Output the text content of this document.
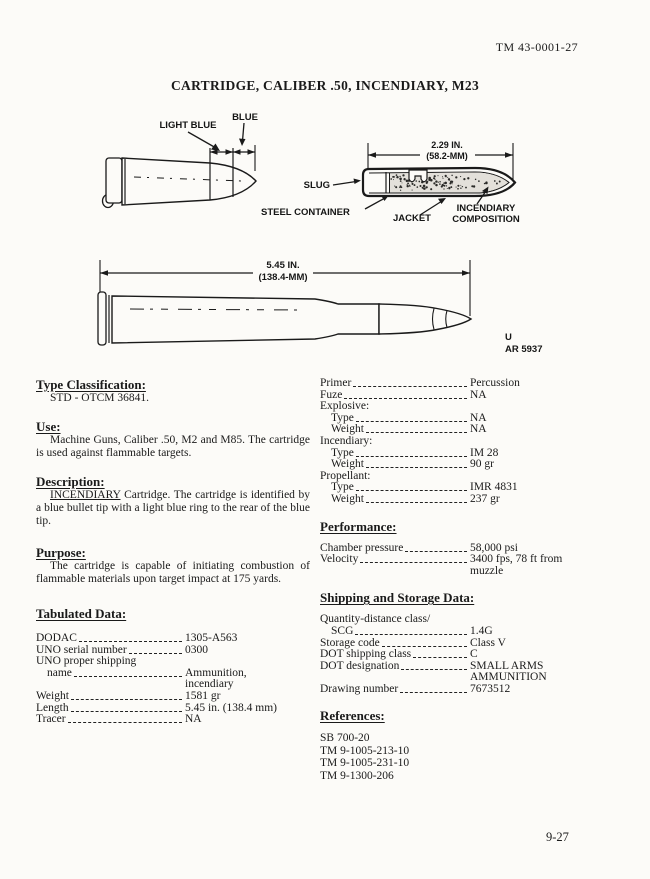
TM 43-0001-27
CARTRIDGE, CALIBER .50, INCENDIARY, M23
LIGHT BLUE
BLUE
2.29 IN.
(58.2-MM)
SLUG
STEEL CONTAINER
JACKET
INCENDIARY
COMPOSITION
5.45 IN.
(138.4-MM)
U
AR 5937
Type Classification:

STD - OTCM 36841.

Use:

Machine Guns, Caliber .50, M2 and M85. The cartridge is used against flammable targets.

Description:

INCENDIARY Cartridge. The cartridge is identified by a blue bullet tip with a light blue ring to the rear of the blue tip.

Purpose:

The cartridge is capable of initiating combustion of flammable materials upon target impact at 175 yards.

Tabulated Data:
DODAC	1305-A563
UNO serial number	0300
UNO proper shipping
name	Ammunition,
incendiary
Weight	1581 gr
Length	5.45 in. (138.4 mm)
Tracer	NA
Primer	Percussion
Fuze	NA
Explosive:
Type	NA
Weight	NA
Incendiary:
Type	IM 28
Weight	90 gr
Propellant:
Type	IMR 4831
Weight	237 gr
Performance:
Chamber pressure	58,000 psi
Velocity	3400 fps, 78 ft from
muzzle
Shipping and Storage Data:
Quantity-distance class/
SCG	1.4G
Storage code	Class V
DOT shipping class	C
DOT designation	SMALL ARMS
AMMUNITION
Drawing number	7673512
References:
SB 700-20
TM 9-1005-213-10
TM 9-1005-231-10
TM 9-1300-206
9-27
